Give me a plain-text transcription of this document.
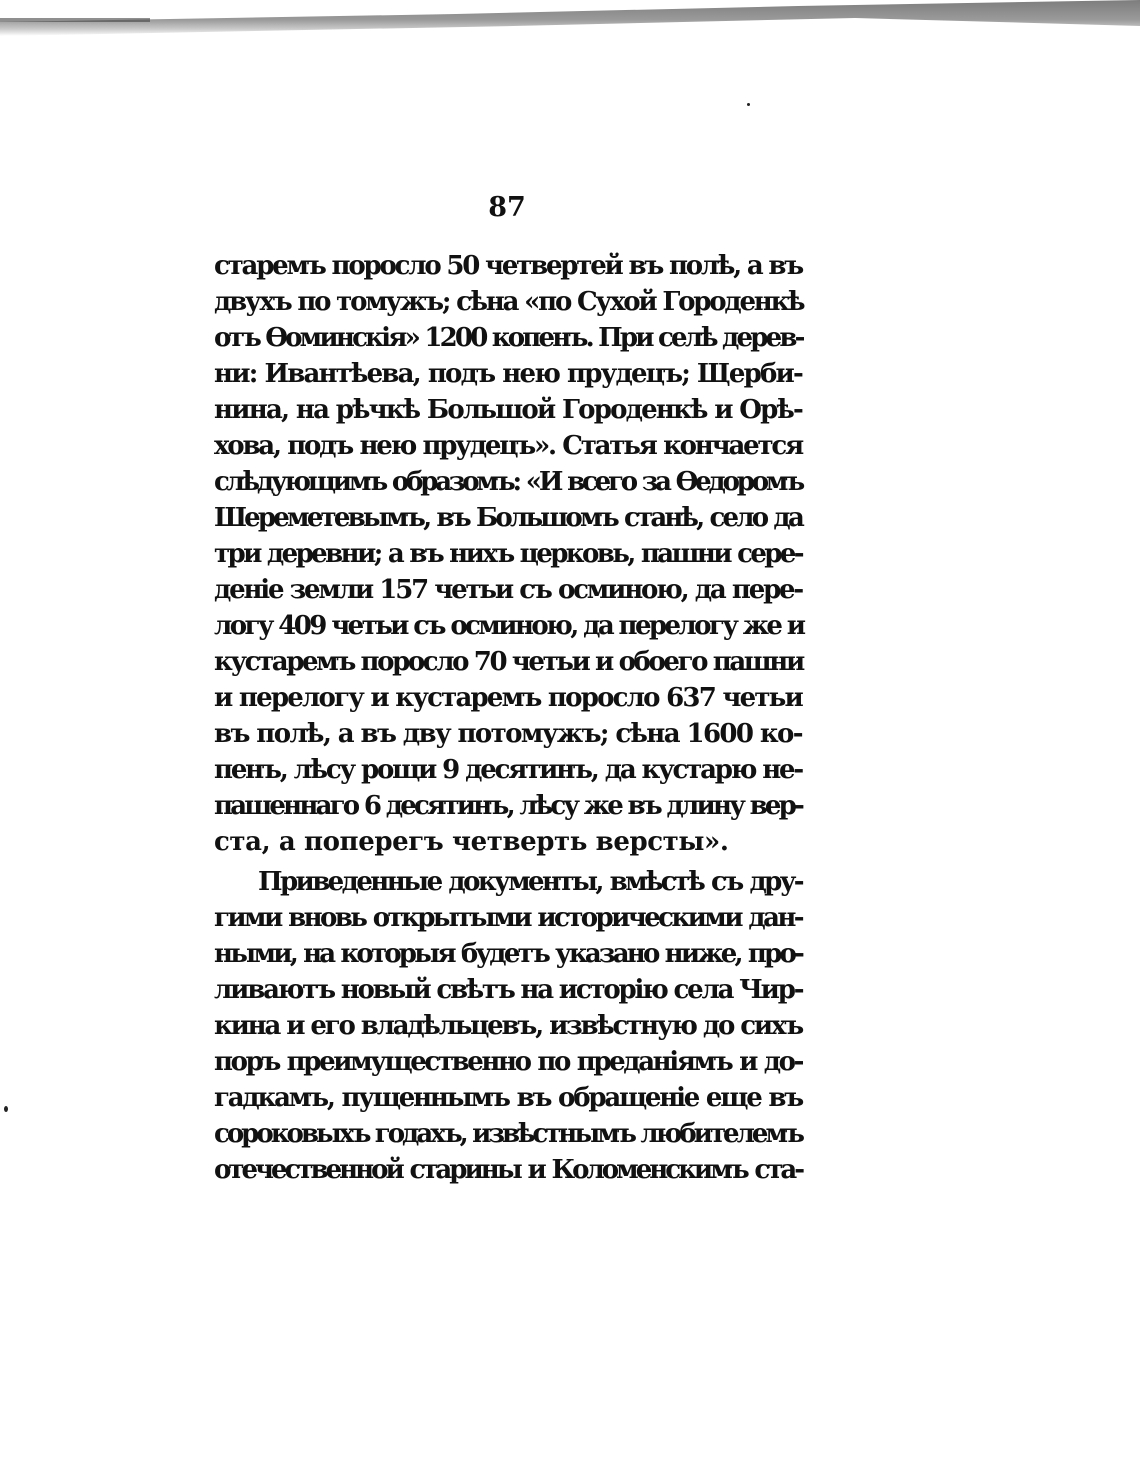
87
старемъ поросло 50 четвертей въ полѣ, а въ
двухъ по томужъ; сѣна «по Сухой Городенкѣ
отъ Өоминскія» 1200 копенъ. При селѣ дерев-
ни: Ивантѣева, подъ нею прудецъ; Щерби-
нина, на рѣчкѣ Большой Городенкѣ и Орѣ-
хова, подъ нею прудецъ». Статья кончается
слѣдующимъ образомъ: «И всего за Өедоромъ
Шереметевымъ, въ Большомъ станѣ, село да
три деревни; а въ нихъ церковь, пашни сере-
деніе земли 157 четьи съ осминою, да пере-
логу 409 четьи съ осминою, да перелогу же и
кустаремъ поросло 70 четьи и обоего пашни
и перелогу и кустаремъ поросло 637 четьи
въ полѣ, а въ дву потомужъ; сѣна 1600 ко-
пенъ, лѣсу рощи 9 десятинъ, да кустарю не-
пашеннаго 6 десятинъ, лѣсу же въ длину вер-
ста, а поперегъ четверть версты».
Приведенные документы, вмѣстѣ съ дру-
гими вновь открытыми историческими дан-
ными, на которыя будетъ указано ниже, про-
ливаютъ новый свѣтъ на исторію села Чир-
кина и его владѣльцевъ, извѣстную до сихъ
поръ преимущественно по преданіямъ и до-
гадкамъ, пущеннымъ въ обращеніе еще въ
сороковыхъ годахъ, извѣстнымъ любителемъ
отечественной старины и Коломенскимъ ста-
